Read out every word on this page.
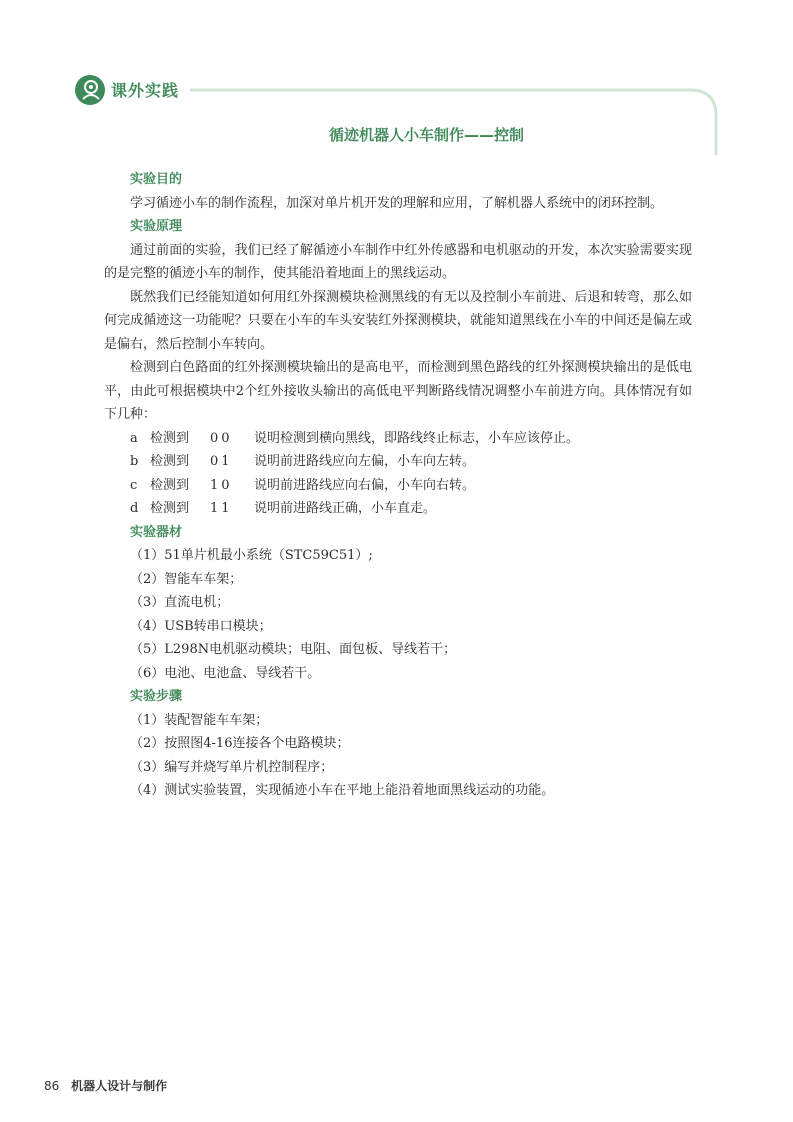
课外实践
循迹机器人小车制作——控制

实验目的

学习循迹小车的制作流程，加深对单片机开发的理解和应用，了解机器人系统中的闭环控制。

实验原理

通过前面的实验，我们已经了解循迹小车制作中红外传感器和电机驱动的开发，本次实验需要实现的是完整的循迹小车的制作，使其能沿着地面上的黑线运动。

既然我们已经能知道如何用红外探测模块检测黑线的有无以及控制小车前进、后退和转弯，那么如何完成循迹这一功能呢？只要在小车的车头安装红外探测模块，就能知道黑线在小车的中间还是偏左或是偏右，然后控制小车转向。

检测到白色路面的红外探测模块输出的是高电平，而检测到黑色路线的红外探测模块输出的是低电平，由此可根据模块中2个红外接收头输出的高低电平判断路线情况调整小车前进方向。具体情况有如下几种：

a 检测到	00	说明检测到横向黑线，即路线终止标志，小车应该停止。
b 检测到	01	说明前进路线应向左偏，小车向左转。
c 检测到	10	说明前进路线应向右偏，小车向右转。
d 检测到	11	说明前进路线正确，小车直走。

实验器材

（1）51单片机最小系统（STC59C51）;

（2）智能车车架；

（3）直流电机；

（4）USB转串口模块；

（5）L298N电机驱动模块；电阻、面包板、导线若干；

（6）电池、电池盒、导线若干。

实验步骤

（1）装配智能车车架；

（2）按照图4-16连接各个电路模块；

（3）编写并烧写单片机控制程序；

（4）测试实验装置，实现循迹小车在平地上能沿着地面黑线运动的功能。

86 机器人设计与制作
